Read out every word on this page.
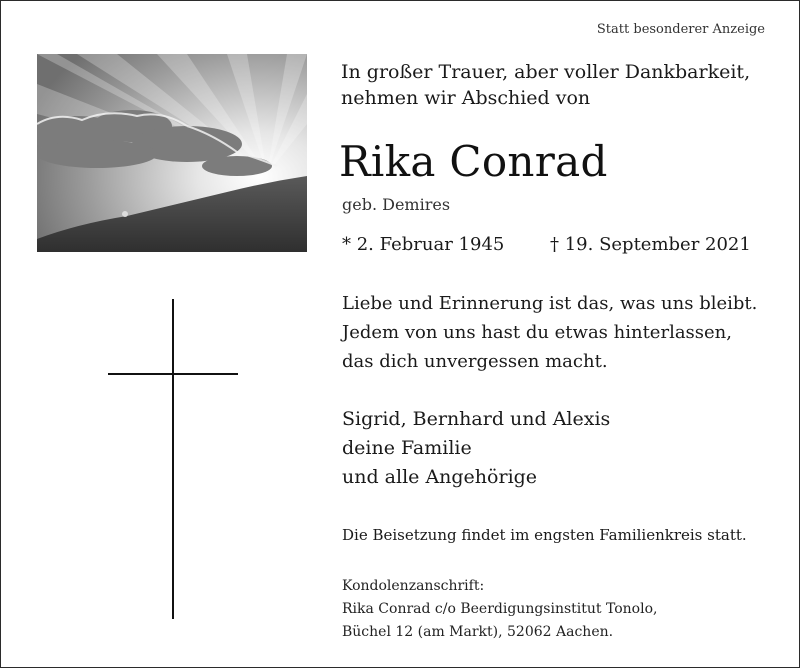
Statt besonderer Anzeige

In großer Trauer, aber voller Dankbarkeit,
nehmen wir Abschied von

Rika Conrad

geb. Demires

* 2. Februar 1945	† 19. September 2021

Liebe und Erinnerung ist das, was uns bleibt.
Jedem von uns hast du etwas hinterlassen,
das dich unvergessen macht.
Sigrid, Bernhard und Alexis
deine Familie
und alle Angehörige

Die Beisetzung findet im engsten Familienkreis statt.

Kondolenzanschrift:
Rika Conrad c/o Beerdigungsinstitut Tonolo,
Büchel 12 (am Markt), 52062 Aachen.
